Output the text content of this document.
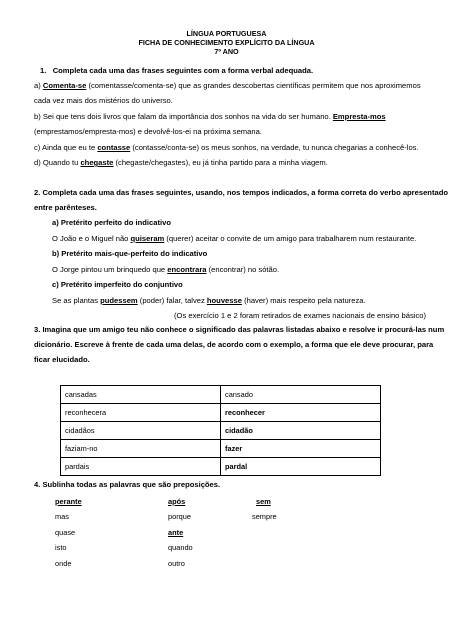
LÍNGUA PORTUGUESA
FICHA DE CONHECIMENTO EXPLÍCITO DA LÍNGUA
7º ANO
1. Completa cada uma das frases seguintes com a forma verbal adequada.
a) Comenta-se (comentasse/comenta-se) que as grandes descobertas científicas permitem que nos aproximemos
cada vez mais dos mistérios do universo.
b) Sei que tens dois livros que falam da importância dos sonhos na vida do ser humano. Empresta-mos
(emprestamos/empresta-mos) e devolvê-los-ei na próxima semana.
c) Ainda que eu te contasse (contasse/conta-se) os meus sonhos, na verdade, tu nunca chegarias a conhecê-los.
d) Quando tu chegaste (chegaste/chegastes), eu já tinha partido para a minha viagem.
2. Completa cada uma das frases seguintes, usando, nos tempos indicados, a forma correta do verbo apresentado
entre parênteses.
a) Pretérito perfeito do indicativo
O João e o Miguel não quiseram (querer) aceitar o convite de um amigo para trabalharem num restaurante.
b) Pretérito mais-que-perfeito do indicativo
O Jorge pintou um brinquedo que encontrara (encontrar) no sótão.
c) Pretérito imperfeito do conjuntivo
Se as plantas pudessem (poder) falar, talvez houvesse (haver) mais respeito pela natureza.
(Os exercício 1 e 2 foram retirados de exames nacionais de ensino básico)
3. Imagina que um amigo teu não conhece o significado das palavras listadas abaixo e resolve ir procurá-las num
dicionário. Escreve à frente de cada uma delas, de acordo com o exemplo, a forma que ele deve procurar, para
ficar elucidado.
cansadas	cansado
reconhecera	reconhecer
cidadãos	cidadão
faziam-no	fazer
pardais	pardal
4. Sublinha todas as palavras que são preposições.
perante
mas
quase
isto
onde
após
porque
ante
quando
outro
sem
sempre
